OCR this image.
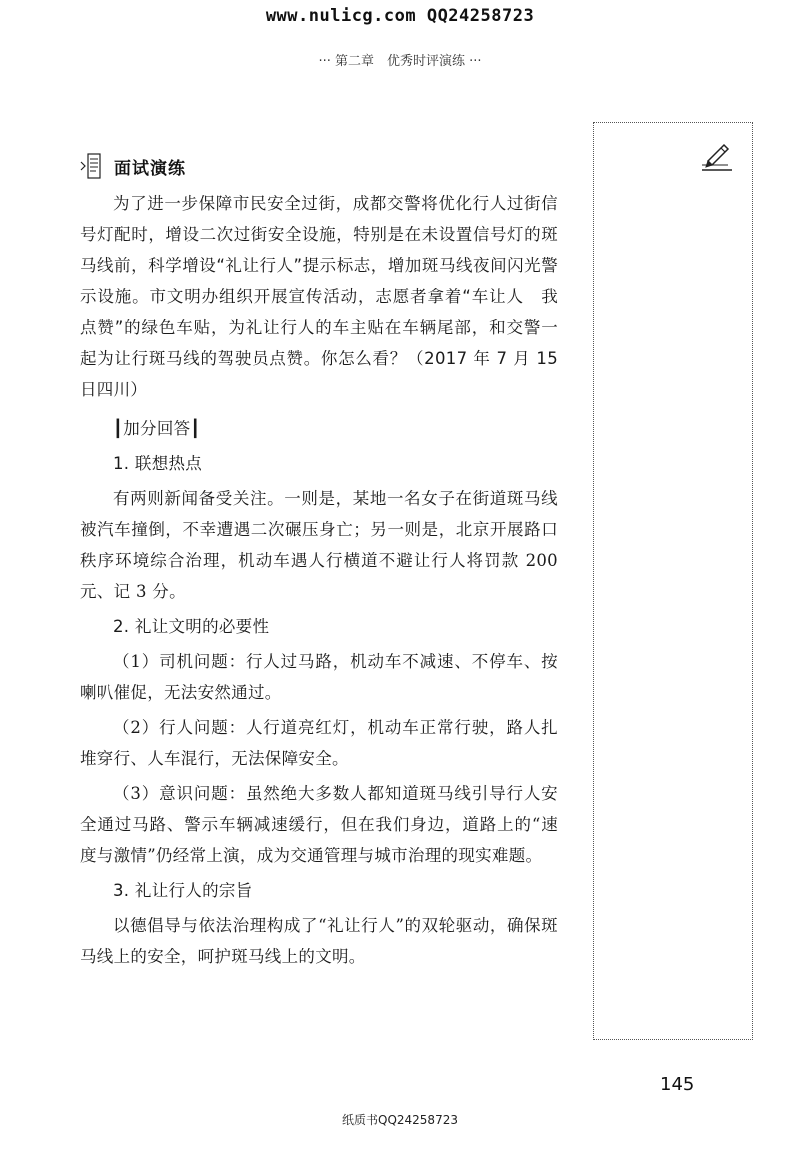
www.nulicg.com QQ24258723
··· 第二章　优秀时评演练 ···
面试演练

为了进一步保障市民安全过街，成都交警将优化行人过街信号灯配时，增设二次过街安全设施，特别是在未设置信号灯的斑马线前，科学增设“礼让行人”提示标志，增加斑马线夜间闪光警示设施。市文明办组织开展宣传活动，志愿者拿着“车让人　我点赞”的绿色车贴，为礼让行人的车主贴在车辆尾部，和交警一起为让行斑马线的驾驶员点赞。你怎么看？（2017 年 7 月 15 日四川）

┃加分回答┃

1. 联想热点

有两则新闻备受关注。一则是，某地一名女子在街道斑马线被汽车撞倒，不幸遭遇二次碾压身亡；另一则是，北京开展路口秩序环境综合治理，机动车遇人行横道不避让行人将罚款 200 元、记 3 分。

2. 礼让文明的必要性

（1）司机问题：行人过马路，机动车不减速、不停车、按喇叭催促，无法安然通过。

（2）行人问题：人行道亮红灯，机动车正常行驶，路人扎堆穿行、人车混行，无法保障安全。

（3）意识问题：虽然绝大多数人都知道斑马线引导行人安全通过马路、警示车辆减速缓行，但在我们身边，道路上的“速度与激情”仍经常上演，成为交通管理与城市治理的现实难题。

3. 礼让行人的宗旨

以德倡导与依法治理构成了“礼让行人”的双轮驱动，确保斑马线上的安全，呵护斑马线上的文明。

145
纸质书QQ24258723
